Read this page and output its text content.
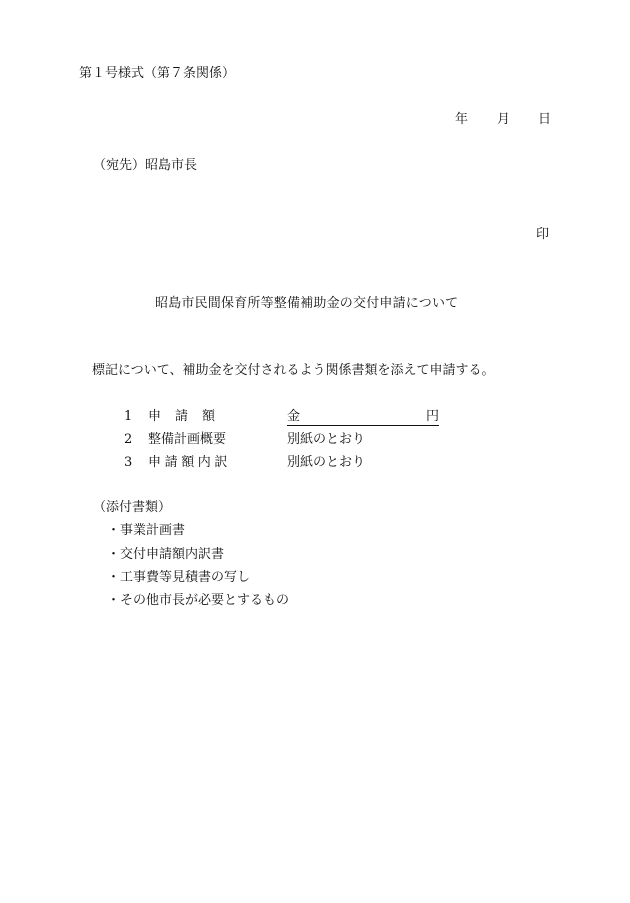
第１号様式（第７条関係）
年 月 日
（宛先）昭島市長
印
昭島市民間保育所等整備補助金の交付申請について
標記について、補助金を交付されるよう関係書類を添えて申請する。
1 申請額	金	円
2 整備計画概要	別紙のとおり
3 申請額内訳	別紙のとおり
（添付書類）
・事業計画書
・交付申請額内訳書
・工事費等見積書の写し
・その他市長が必要とするもの
